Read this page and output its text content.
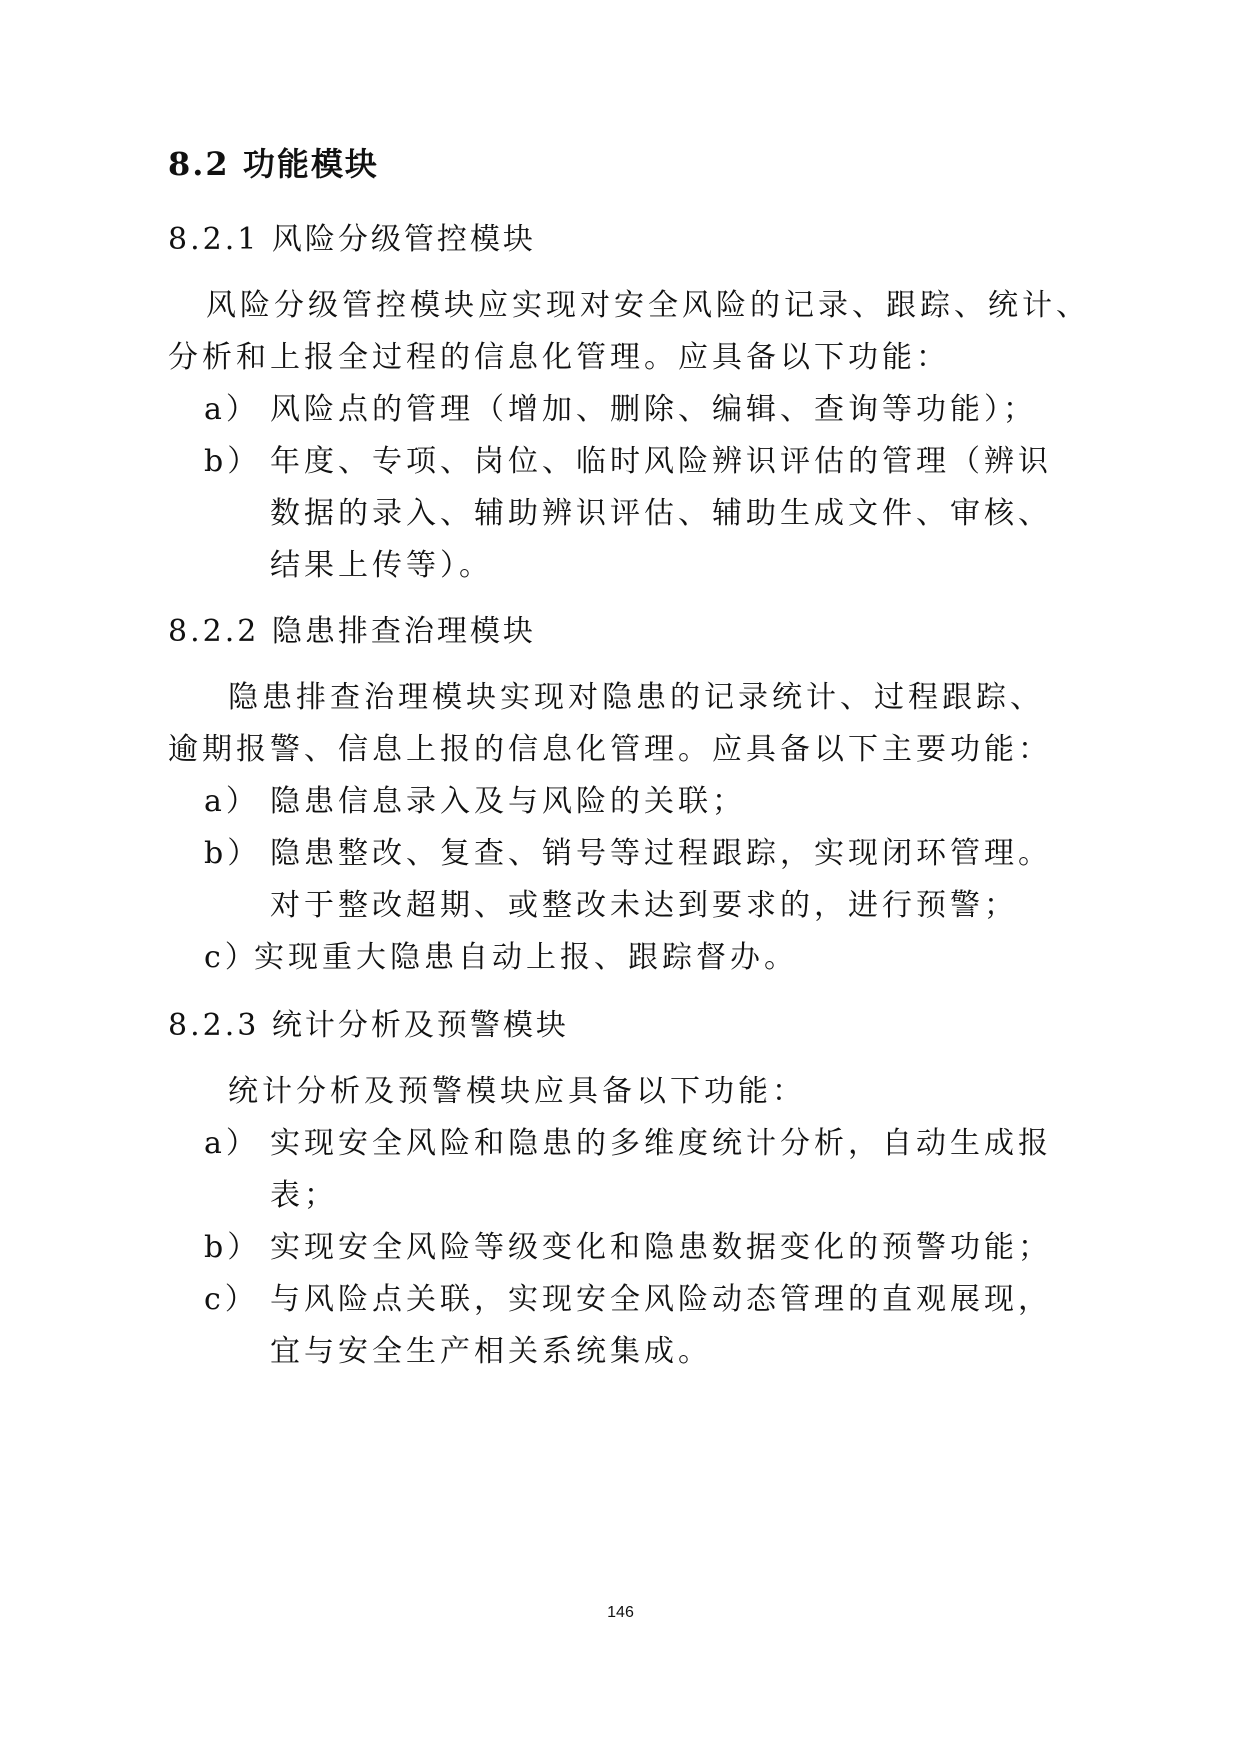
8.2 功能模块
8.2.1 风险分级管控模块
风险分级管控模块应实现对安全风险的记录、跟踪、统计、
分析和上报全过程的信息化管理。应具备以下功能：
a） 风险点的管理（增加、删除、编辑、查询等功能）；
b） 年度、专项、岗位、临时风险辨识评估的管理（辨识
数据的录入、辅助辨识评估、辅助生成文件、审核、
结果上传等）。
8.2.2 隐患排查治理模块
隐患排查治理模块实现对隐患的记录统计、过程跟踪、
逾期报警、信息上报的信息化管理。应具备以下主要功能：
a） 隐患信息录入及与风险的关联；
b） 隐患整改、复查、销号等过程跟踪，实现闭环管理。
对于整改超期、或整改未达到要求的，进行预警；
c）实现重大隐患自动上报、跟踪督办。
8.2.3 统计分析及预警模块
统计分析及预警模块应具备以下功能：
a） 实现安全风险和隐患的多维度统计分析，自动生成报
表；
b） 实现安全风险等级变化和隐患数据变化的预警功能；
c） 与风险点关联，实现安全风险动态管理的直观展现，
宜与安全生产相关系统集成。
146
